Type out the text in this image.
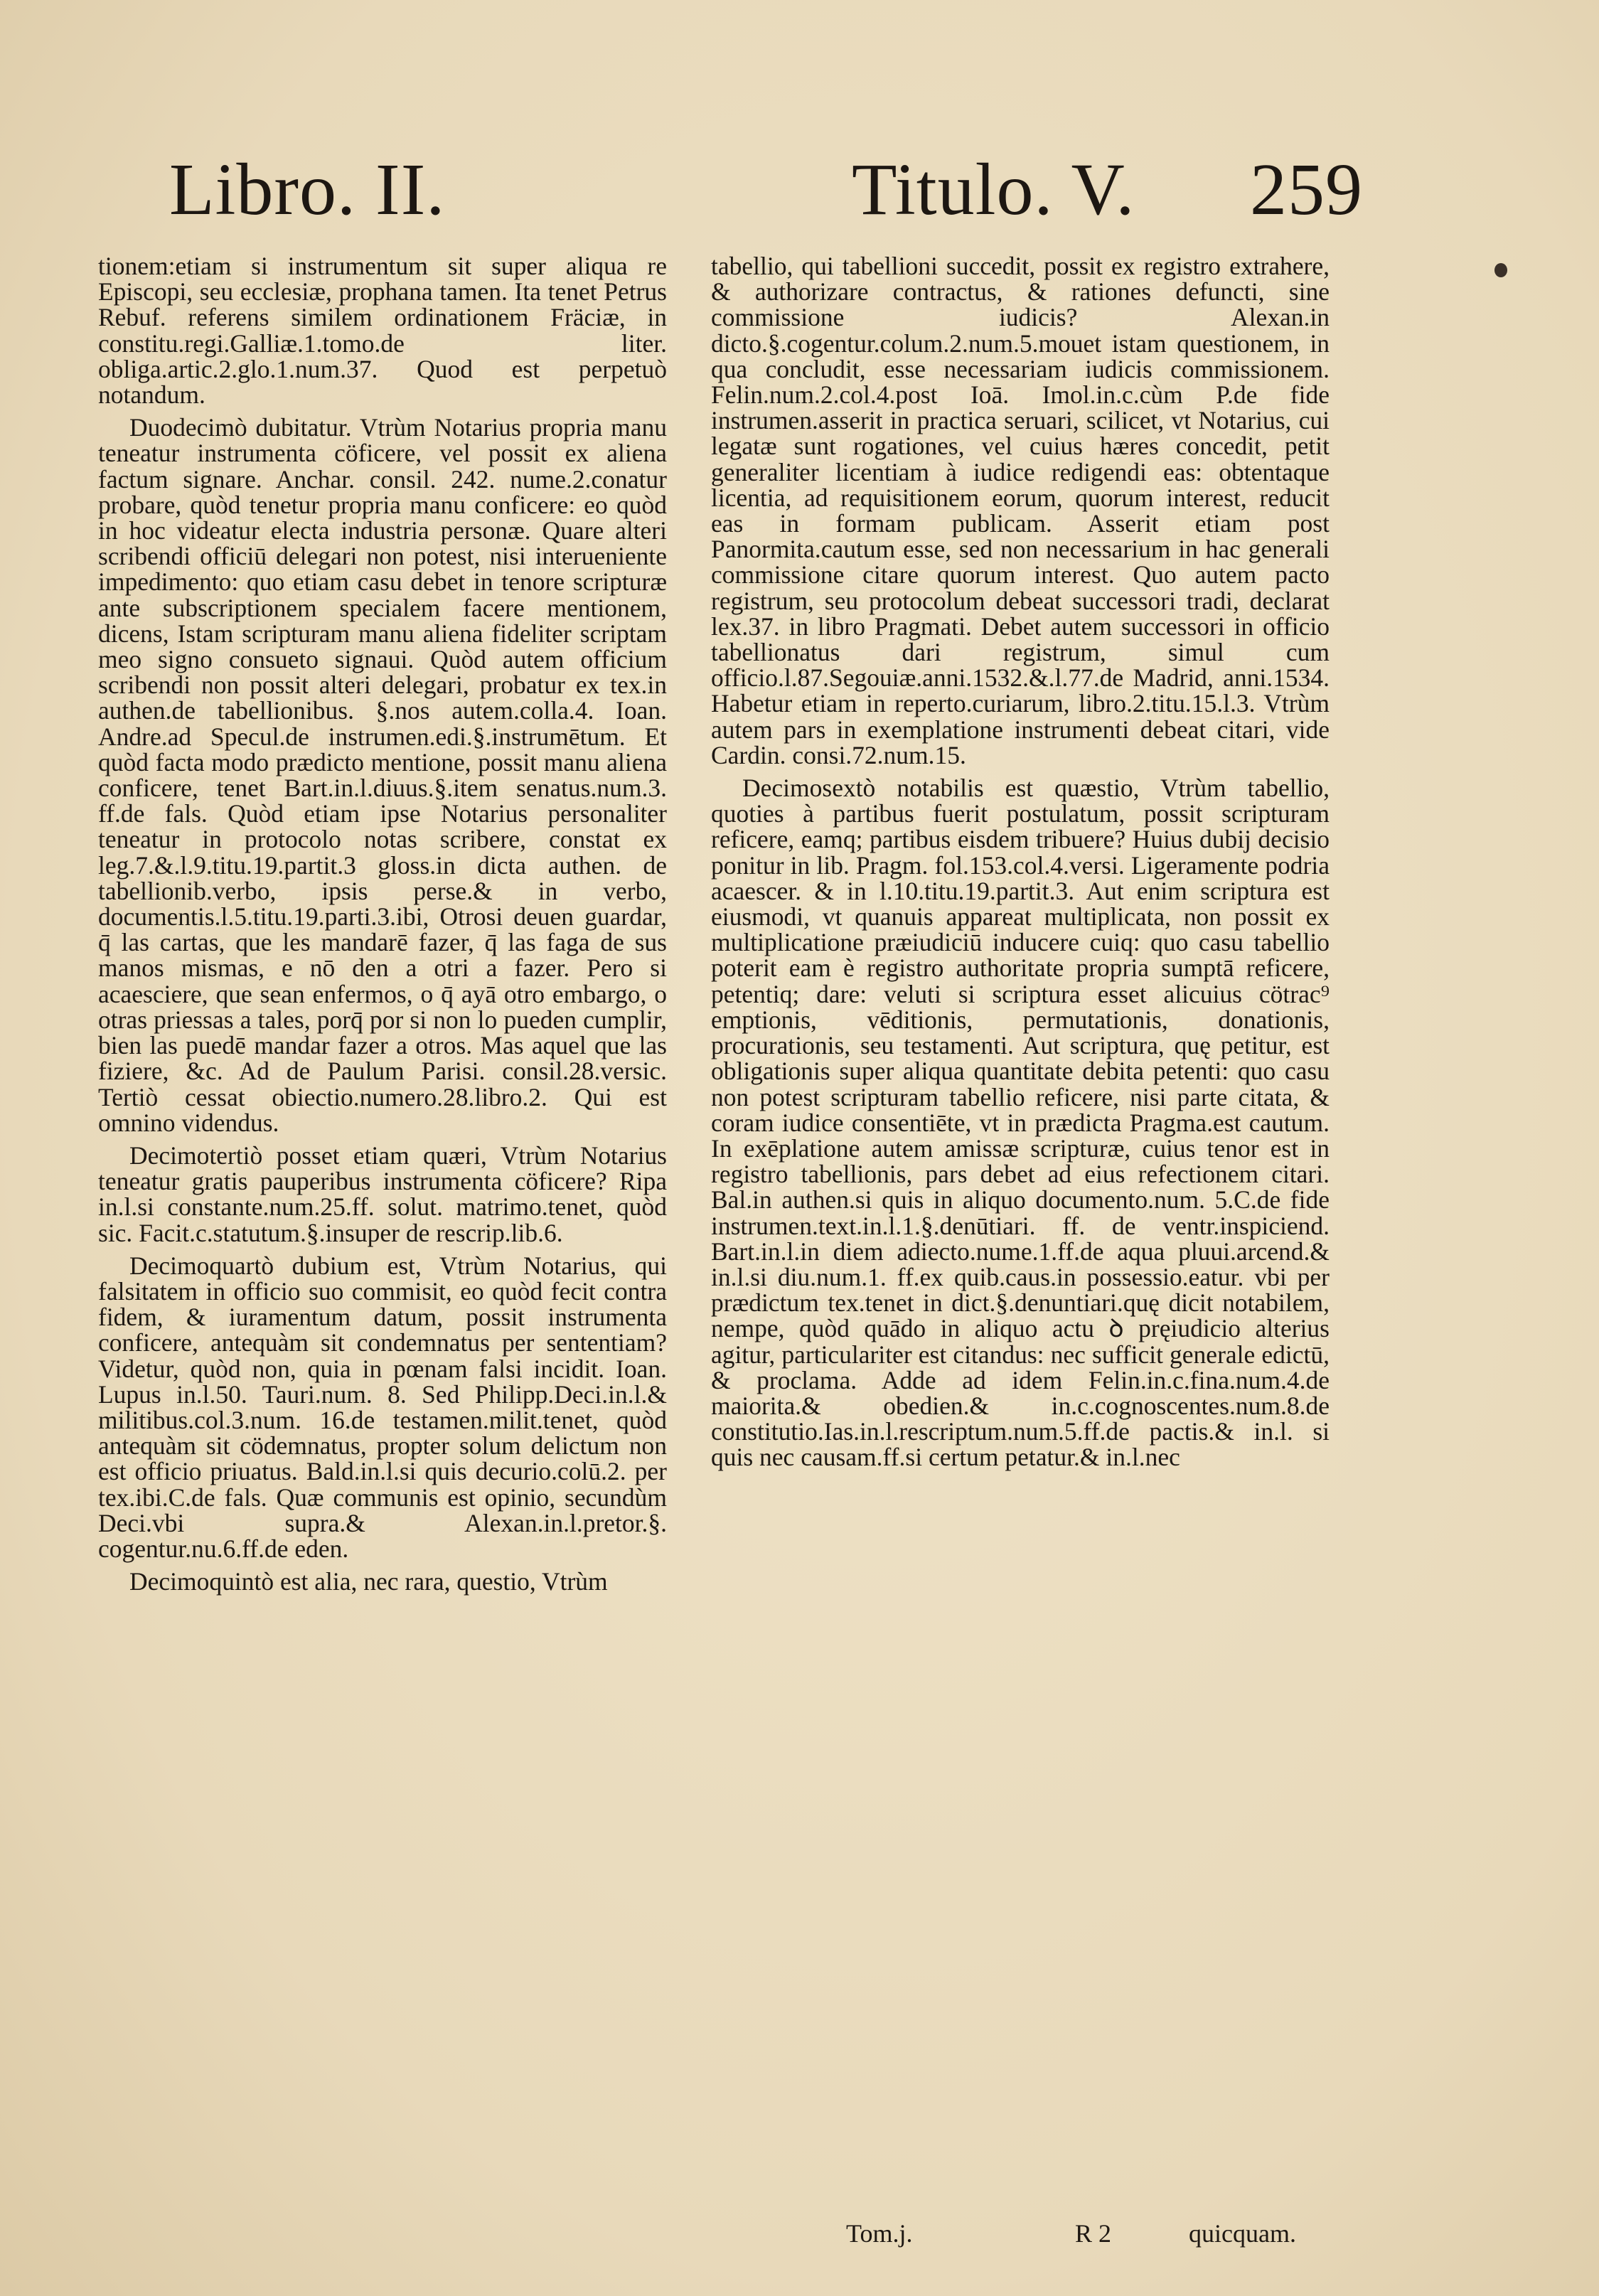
Libro. II.	Titulo. V. 259

tionem:etiam si instrumentum sit super aliqua re Episcopi, seu ecclesiæ, prophana tamen. Ita tenet Petrus Rebuf. referens similem ordinationem Fräciæ, in constitu.regi.Galliæ.1.tomo.de liter. obliga.artic.2.glo.1.num.37. Quod est perpetuò notandum.

Duodecimò dubitatur. Vtrùm Notarius propria manu teneatur instrumenta cöficere, vel possit ex aliena factum signare. Anchar. consil. 242. nume.2.conatur probare, quòd tenetur propria manu conficere: eo quòd in hoc videatur electa industria personæ. Quare alteri scribendi officiū delegari non potest, nisi interueniente impedimento: quo etiam casu debet in tenore scripturæ ante subscriptionem specialem facere mentionem, dicens, Istam scripturam manu aliena fideliter scriptam meo signo consueto signaui. Quòd autem officium scribendi non possit alteri delegari, probatur ex tex.in authen.de tabellionibus. §.nos autem.colla.4. Ioan. Andre.ad Specul.de instrumen.edi.§.instrumētum. Et quòd facta modo prædicto mentione, possit manu aliena conficere, tenet Bart.in.l.diuus.§.item senatus.num.3. ff.de fals. Quòd etiam ipse Notarius personaliter teneatur in protocolo notas scribere, constat ex leg.7.&.l.9.titu.19.partit.3 gloss.in dicta authen. de tabellionib.verbo, ipsis perse.& in verbo, documentis.l.5.titu.19.parti.3.ibi, Otrosi deuen guardar, q̄ las cartas, que les mandarē fazer, q̄ las faga de sus manos mismas, e nō den a otri a fazer. Pero si acaesciere, que sean enfermos, o q̄ ayā otro embargo, o otras priessas a tales, porq̄ por si non lo pueden cumplir, bien las puedē mandar fazer a otros. Mas aquel que las fiziere, &c. Ad de Paulum Parisi. consil.28.versic. Tertiò cessat obiectio.numero.28.libro.2. Qui est omnino videndus.

Decimotertiò posset etiam quæri, Vtrùm Notarius teneatur gratis pauperibus instrumenta cöficere? Ripa in.l.si constante.num.25.ff. solut. matrimo.tenet, quòd sic. Facit.c.statutum.§.insuper de rescrip.lib.6.

Decimoquartò dubium est, Vtrùm Notarius, qui falsitatem in officio suo commisit, eo quòd fecit contra fidem, & iuramentum datum, possit instrumenta conficere, antequàm sit condemnatus per sententiam? Videtur, quòd non, quia in pœnam falsi incidit. Ioan. Lupus in.l.50. Tauri.num. 8. Sed Philipp.Deci.in.l.& militibus.col.3.num. 16.de testamen.milit.tenet, quòd antequàm sit cödemnatus, propter solum delictum non est officio priuatus. Bald.in.l.si quis decurio.colū.2. per tex.ibi.C.de fals. Quæ communis est opinio, secundùm Deci.vbi supra.& Alexan.in.l.pretor.§. cogentur.nu.6.ff.de eden.

Decimoquintò est alia, nec rara, questio, Vtrùm

tabellio, qui tabellioni succedit, possit ex registro extrahere, & authorizare contractus, & rationes defuncti, sine commissione iudicis? Alexan.in dicto.§.cogentur.colum.2.num.5.mouet istam questionem, in qua concludit, esse necessariam iudicis commissionem. Felin.num.2.col.4.post Ioā. Imol.in.c.cùm P.de fide instrumen.asserit in practica seruari, scilicet, vt Notarius, cui legatæ sunt rogationes, vel cuius hæres concedit, petit generaliter licentiam à iudice redigendi eas: obtentaque licentia, ad requisitionem eorum, quorum interest, reducit eas in formam publicam. Asserit etiam post Panormita.cautum esse, sed non necessarium in hac generali commissione citare quorum interest. Quo autem pacto registrum, seu protocolum debeat successori tradi, declarat lex.37. in libro Pragmati. Debet autem successori in officio tabellionatus dari registrum, simul cum officio.l.87.Segouiæ.anni.1532.&.l.77.de Madrid, anni.1534. Habetur etiam in reperto.curiarum, libro.2.titu.15.l.3. Vtrùm autem pars in exemplatione instrumenti debeat citari, vide Cardin. consi.72.num.15.

Decimosextò notabilis est quæstio, Vtrùm tabellio, quoties à partibus fuerit postulatum, possit scripturam reficere, eamq; partibus eisdem tribuere? Huius dubij decisio ponitur in lib. Pragm. fol.153.col.4.versi. Ligeramente podria acaescer. & in l.10.titu.19.partit.3. Aut enim scriptura est eiusmodi, vt quanuis appareat multiplicata, non possit ex multiplicatione præiudiciū inducere cuiq: quo casu tabellio poterit eam è registro authoritate propria sumptā reficere, petentiq; dare: veluti si scriptura esset alicuius cötrac⁹ emptionis, vēditionis, permutationis, donationis, procurationis, seu testamenti. Aut scriptura, quę petitur, est obligationis super aliqua quantitate debita petenti: quo casu non potest scripturam tabellio reficere, nisi parte citata, & coram iudice consentiēte, vt in prædicta Pragma.est cautum. In exēplatione autem amissæ scripturæ, cuius tenor est in registro tabellionis, pars debet ad eius refectionem citari. Bal.in authen.si quis in aliquo documento.num. 5.C.de fide instrumen.text.in.l.1.§.denūtiari. ff. de ventr.inspiciend. Bart.in.l.in diem adiecto.nume.1.ff.de aqua pluui.arcend.& in.l.si diu.num.1. ff.ex quib.caus.in possessio.eatur. vbi per prædictum tex.tenet in dict.§.denuntiari.quę dicit notabilem, nempe, quòd quādo in aliquo actu ꝺ pręiudicio alterius agitur, particulariter est citandus: nec sufficit generale edictū, & proclama. Adde ad idem Felin.in.c.fina.num.4.de maiorita.& obedien.& in.c.cognoscentes.num.8.de constitutio.Ias.in.l.rescriptum.num.5.ff.de pactis.& in.l. si quis nec causam.ff.si certum petatur.& in.l.nec

Tom.j.	R 2	quicquam.
